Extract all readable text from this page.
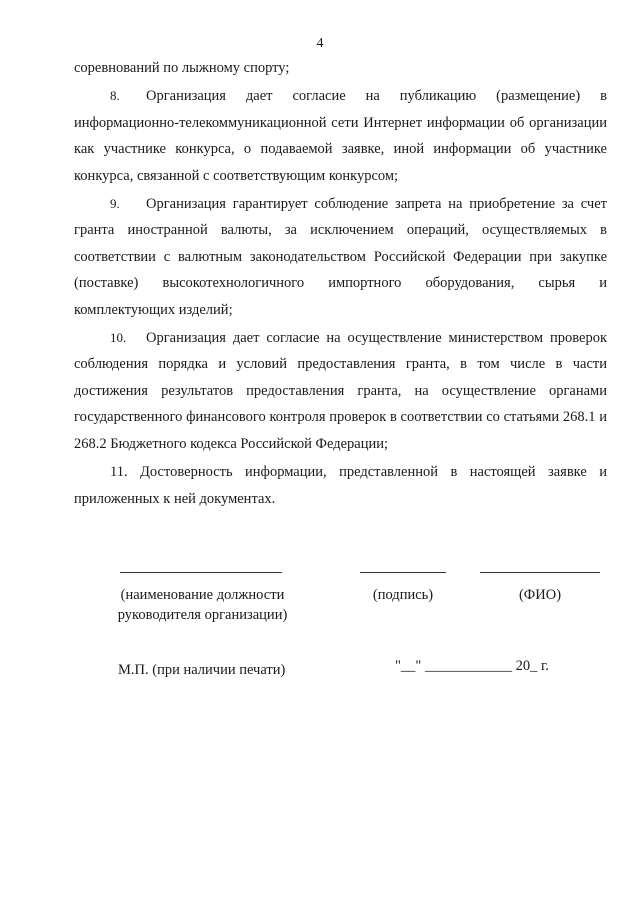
4

соревнований по лыжному спорту;

8. Организация дает согласие на публикацию (размещение) в информационно-телекоммуникационной сети Интернет информации об организации как участнике конкурса, о подаваемой заявке, иной информации об участнике конкурса, связанной с соответствующим конкурсом;

9. Организация гарантирует соблюдение запрета на приобретение за счет гранта иностранной валюты, за исключением операций, осуществляемых в соответствии с валютным законодательством Российской Федерации при закупке (поставке) высокотехнологичного импортного оборудования, сырья и комплектующих изделий;

10. Организация дает согласие на осуществление министерством проверок соблюдения порядка и условий предоставления гранта, в том числе в части достижения результатов предоставления гранта, на осуществление органами государственного финансового контроля проверок в соответствии со статьями 268.1 и 268.2 Бюджетного кодекса Российской Федерации;

11. Достоверность информации, представленной в настоящей заявке и приложенных к ней документах.

(наименование должности
руководителя организации)
(подпись)	(ФИО)
М.П. (при наличии печати)	"__" ____________ 20_ г.
